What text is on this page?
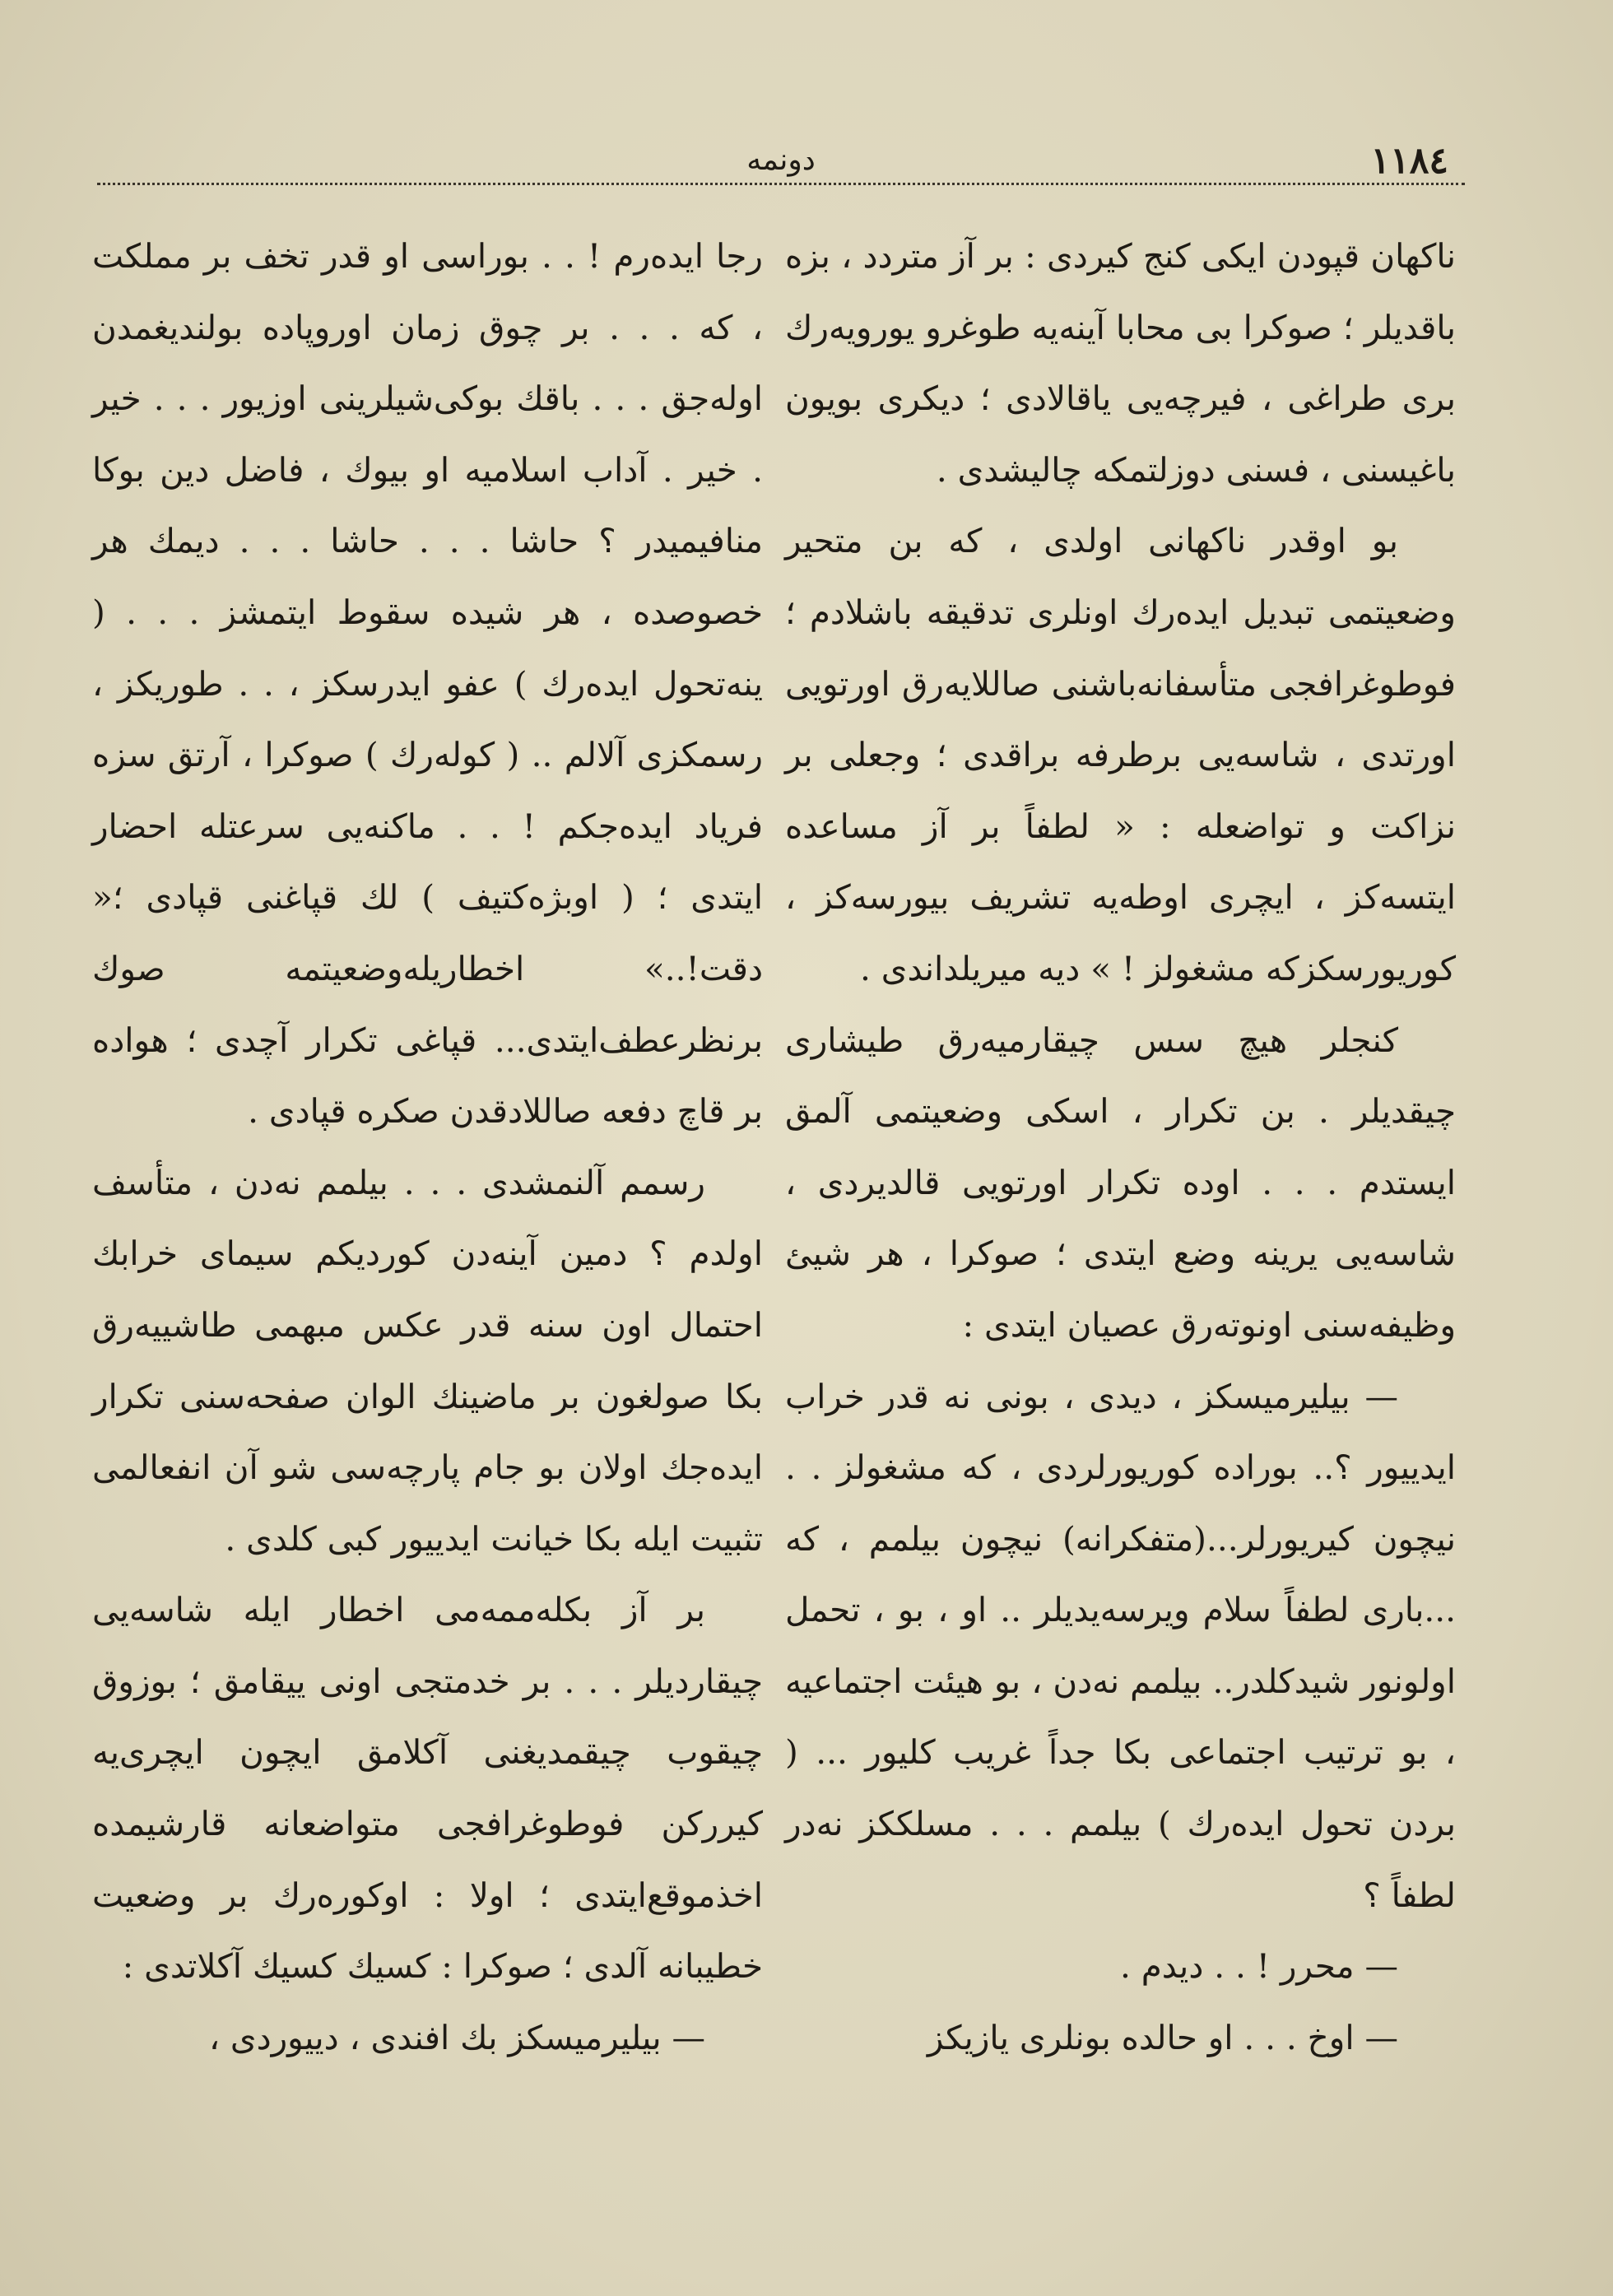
١١٨٤
دونمه

ناكهان قپودن ایكی كنج كیردی : بر آز متردد ، بزه باقدیلر ؛ صوكرا بی محابا آینه‌یه طوغرو یورویه‌رك بری طراغی ، فیرچه‌یی یاقالادی ؛ دیكری بویون باغیسنی ، فسنی دوزلتمكه چالیشدی .

بو اوقدر ناكهانی اولدی ، كه بن متحیر وضعیتمی تبدیل ایده‌رك اونلری تدقیقه باشلادم ؛ فوطوغرافجی متأسفانه‌باشنی صاللایه‌رق اورتویی اورتدی ، شاسه‌یی برطرفه براقدی ؛ وجعلی بر نزاكت و تواضعله : « لطفاً بر آز مساعده ایتسه‌كز ، ایچری اوطه‌یه تشریف بیورسه‌كز ، كوریورسكزكه مشغولز ! » دیه میریلداندی .

كنجلر هیچ سس چیقارمیه‌رق طیشاری چیقدیلر . بن تكرار ، اسكی وضعیتمی آلمق ایستدم . . . اوده تكرار اورتویی قالدیردی ، شاسه‌یی یرینه وضع ایتدی ؛ صوكرا ، هر شیئ وظیفه‌سنی اونوته‌رق عصیان ایتدی :

— بیلیرمیسكز ، دیدی ، بونی نه قدر خراب ایدییور ؟.. بوراده كوریورلردی ، كه مشغولز . . نیچون كیریورلر...(متفكرانه) نیچون بیلمم ، كه ...باری لطفاً سلام ویرسه‌یدیلر .. او ، بو ، تحمل اولونور شیدكلدر.. بیلمم نه‌دن ، بو هیئت اجتماعیه ، بو ترتیب اجتماعی بكا جداً غریب كلیور ... ( بردن تحول ایده‌رك ) بیلمم . . . مسلككز نه‌در لطفاً ؟

— محرر ! . . دیدم .

— اوخ . . . او حالده بونلری یازیكز

رجا ایده‌رم ! . . بوراسی او قدر تخف بر مملكت ، كه . . . بر چوق زمان اوروپاده بولندیغمدن اوله‌جق . . . باقك بوكی‌شیلرینی اوزیور . . . خیر . خیر . آداب اسلامیه او بیوك ، فاضل دین بوكا منافیمیدر ؟ حاشا . . . حاشا . . . دیمك هر خصوصده ، هر شیده سقوط ایتمشز . . . ( ینه‌تحول ایده‌رك ) عفو ایدرسكز ، . . طوریكز ، رسمكزی آلالم .. ( كوله‌رك ) صوكرا ، آرتق سزه فریاد ایده‌جكم ! . . ماكنه‌یی سرعتله احضار ایتدی ؛ ( اوبژه‌كتیف ) لك قپاغنی قپادی ؛« دقت!..» اخطاریله‌وضعیتمه صوك برنظرعطف‌ایتدی... قپاغی تكرار آچدی ؛ هواده بر قاچ دفعه صاللادقدن صكره قپادی .

رسمم آلنمشدی . . . بیلمم نه‌دن ، متأسف اولدم ؟ دمین آینه‌دن كوردیكم سیمای خرابك احتمال اون سنه قدر عكس مبهمی طاشییه‌رق بكا صولغون بر ماضینك الوان صفحه‌سنی تكرار ایده‌جك اولان بو جام پارچه‌سی شو آن انفعالمی تثبیت ایله بكا خیانت ایدییور كبی كلدی .

بر آز بكله‌ممه‌می اخطار ایله شاسه‌یی چیقاردیلر . . . بر خدمتجی اونی ییقامق ؛ بوزوق چیقوب چیقمدیغنی آكلامق ایچون ایچری‌یه كیرركن فوطوغرافجی متواضعانه قارشیمده اخذموقع‌ایتدی ؛ اولا : اوكوره‌رك بر وضعیت خطیبانه آلدی ؛ صوكرا : كسیك كسیك آكلاتدی :

— بیلیرمیسكز بك افندی ، دییوردی ،
